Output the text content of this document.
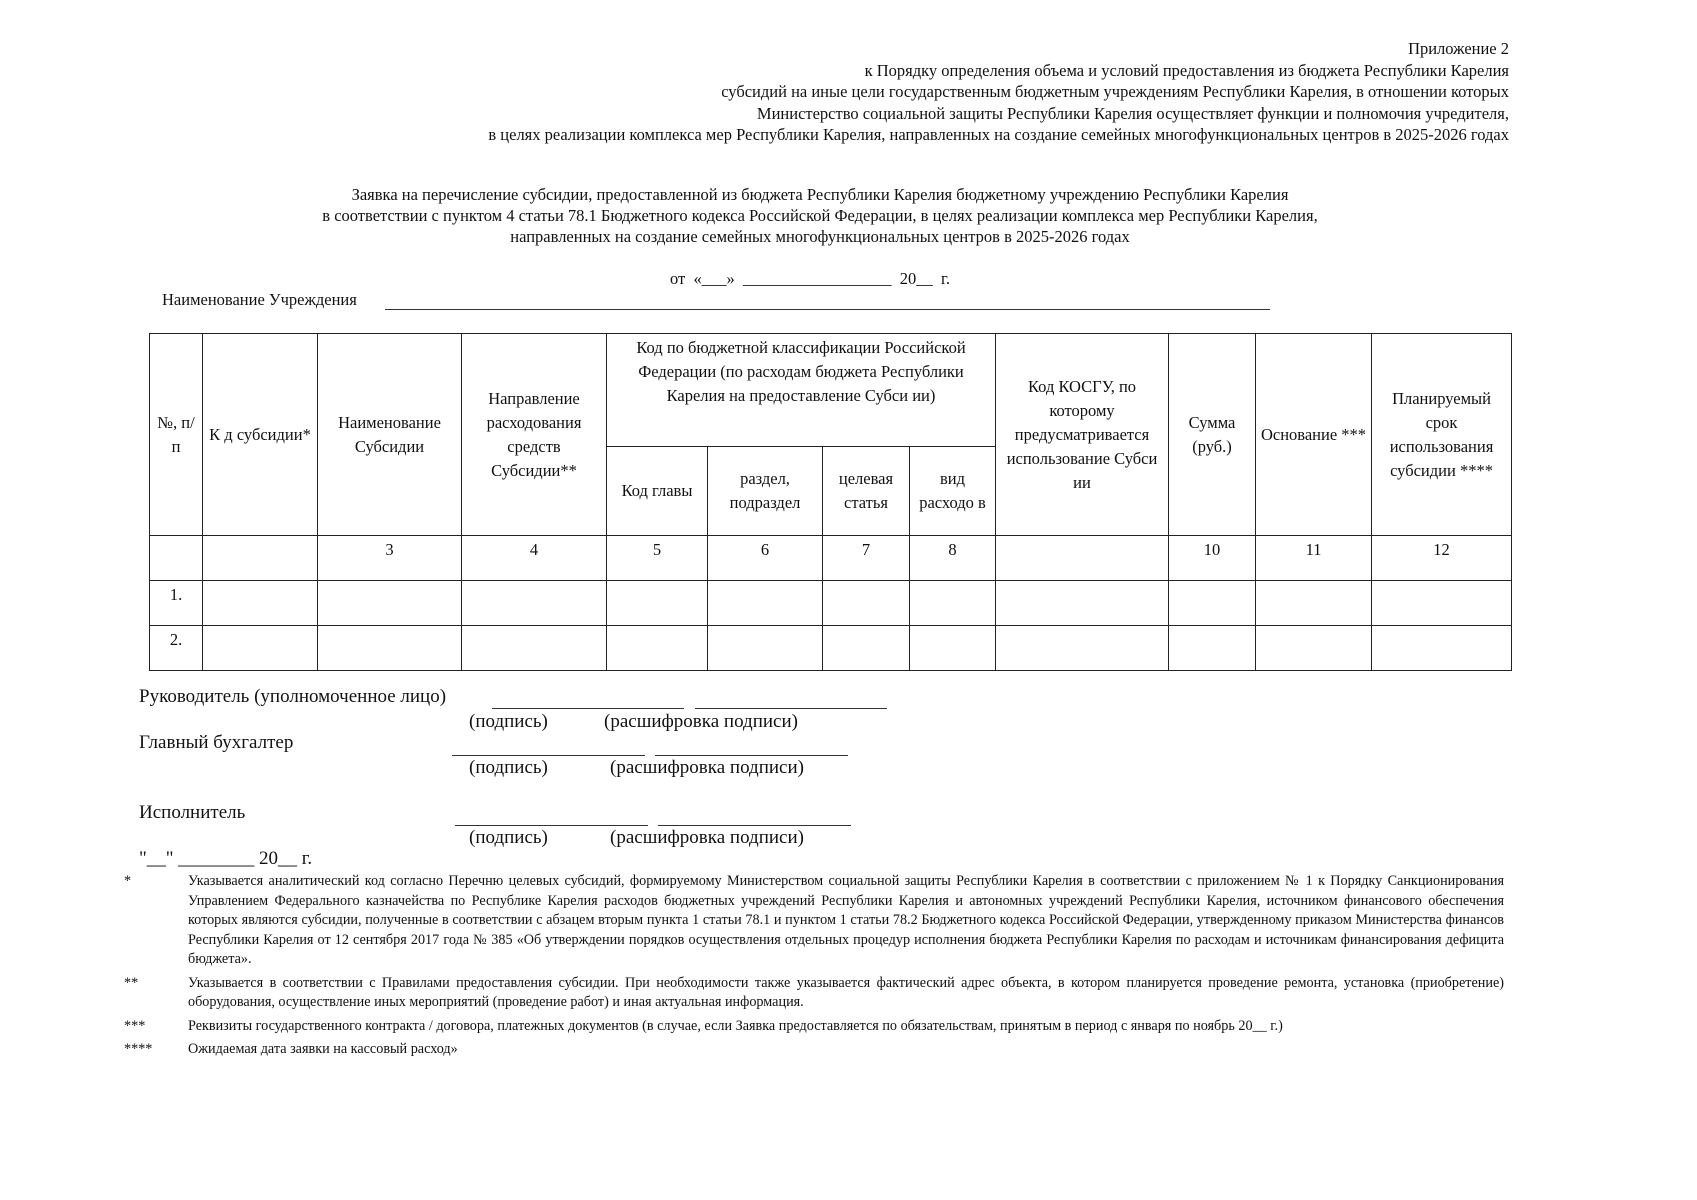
Приложение 2
к Порядку определения объема и условий предоставления из бюджета Республики Карелия
субсидий на иные цели государственным бюджетным учреждениям Республики Карелия, в отношении которых
Министерство социальной защиты Республики Карелия осуществляет функции и полномочия учредителя,
в целях реализации комплекса мер Республики Карелия, направленных на создание семейных многофункциональных центров в 2025-2026 годах
Заявка на перечисление субсидии, предоставленной из бюджета Республики Карелия бюджетному учреждению Республики Карелия
в соответствии с пунктом 4 статьи 78.1 Бюджетного кодекса Российской Федерации, в целях реализации комплекса мер Республики Карелия,
направленных на создание семейных многофункциональных центров в 2025-2026 годах
от  «___»  __________________  20__  г.
Наименование Учреждения
№, п/п	К д субсидии*	Наименование Субсидии	Направление расходования средств Субсидии**	Код по бюджетной классификации Российской Федерации (по расходам бюджета Республики Карелия на предоставление Субси ии)				Код КОСГУ, по которому предусматривается использование Субси ии	Сумма (руб.)	Основание ***	Планируемый срок использования субсидии ****
				Код главы	раздел, подраздел	целевая статья	вид расходо в				
		3	4	5	6	7	8		10	11	12
1.											
2.											
Руководитель (уполномоченное лицо)
(подпись)	(расшифровка подписи)
Главный бухгалтер
(подпись)	(расшифровка подписи)
Исполнитель
(подпись)	(расшифровка подписи)
"__" ________ 20__ г.
*	Указывается аналитический код согласно Перечню целевых субсидий, формируемому Министерством социальной защиты Республики Карелия в соответствии с приложением № 1 к Порядку Санкционирования Управлением Федерального казначейства по Республике Карелия расходов бюджетных учреждений Республики Карелия и автономных учреждений Республики Карелия, источником финансового обеспечения которых являются субсидии, полученные в соответствии с абзацем вторым пункта 1 статьи 78.1 и пунктом 1 статьи 78.2 Бюджетного кодекса Российской Федерации, утвержденному приказом Министерства финансов Республики Карелия от 12 сентября 2017 года № 385 «Об утверждении порядков осуществления отдельных процедур исполнения бюджета Республики Карелия по расходам и источникам финансирования дефицита бюджета».
**	Указывается в соответствии с Правилами предоставления субсидии. При необходимости также указывается фактический адрес объекта, в котором планируется проведение ремонта, установка (приобретение) оборудования, осуществление иных мероприятий (проведение работ) и иная актуальная информация.
***	Реквизиты государственного контракта / договора, платежных документов (в случае, если Заявка предоставляется по обязательствам, принятым в период с января по ноябрь 20__ г.)
****	Ожидаемая дата заявки на кассовый расход»
